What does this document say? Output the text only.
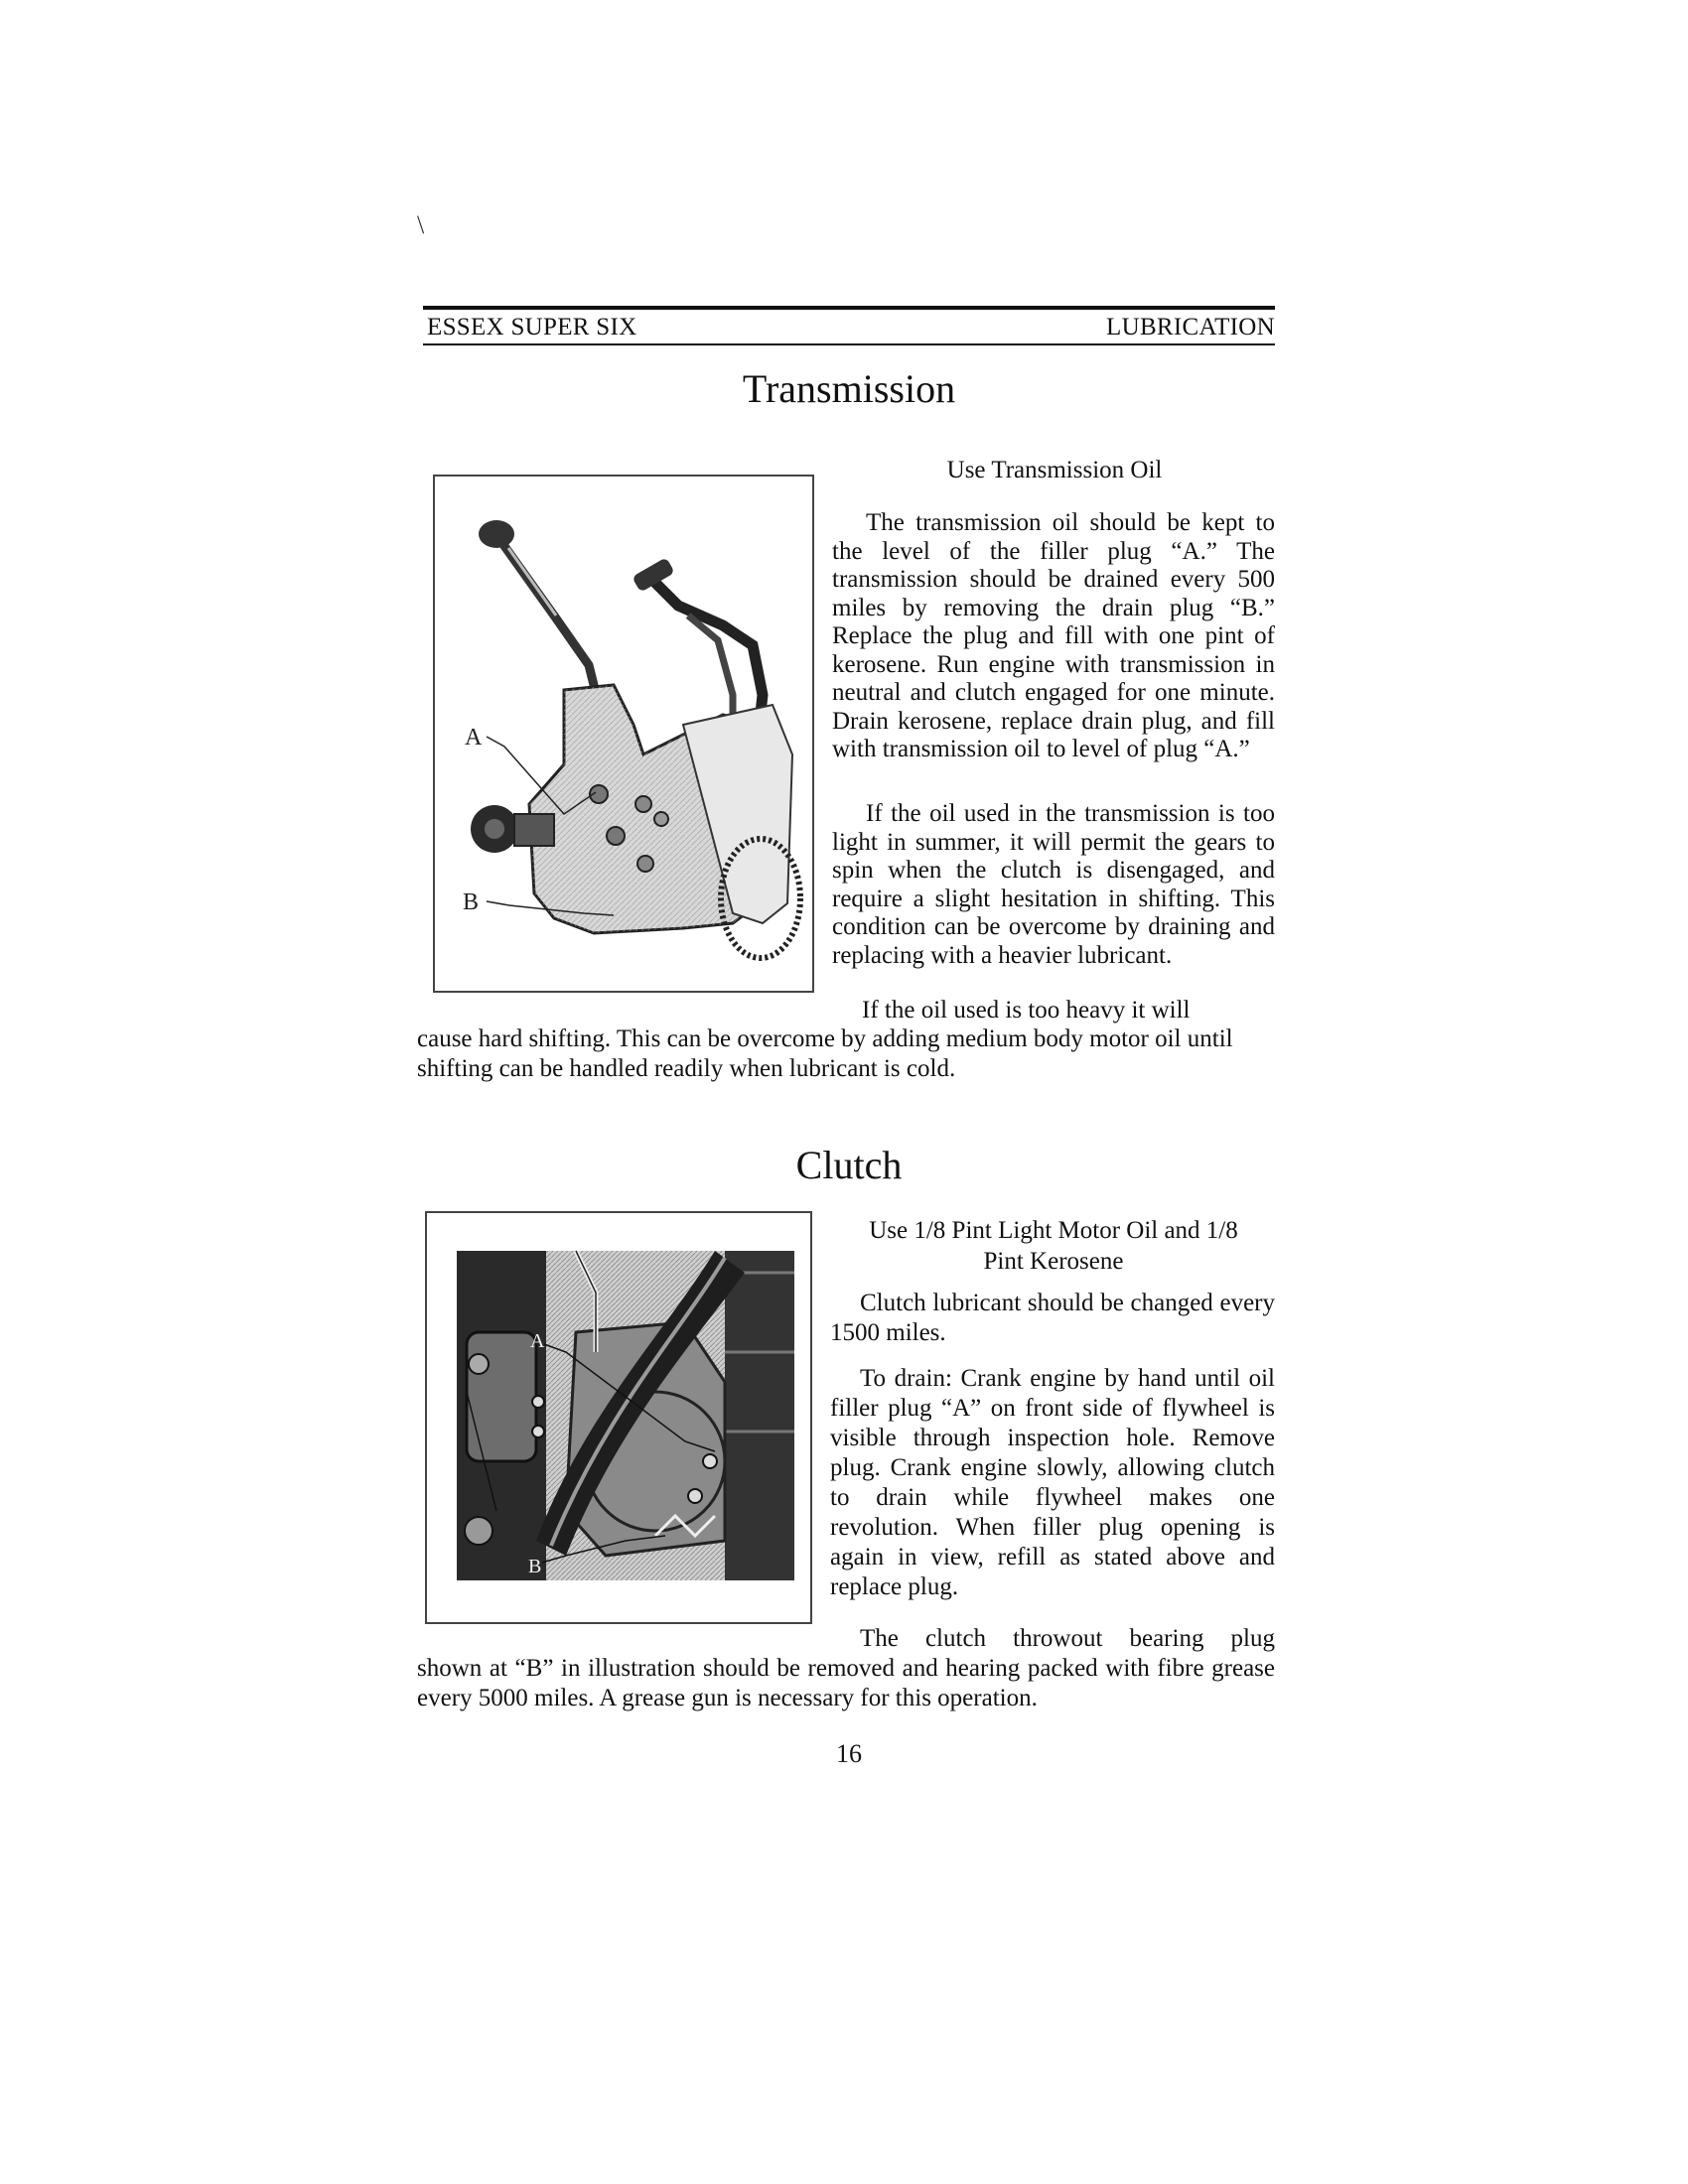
\
ESSEX SUPER SIX	LUBRICATION
Transmission
A
B
Use Transmission Oil

The transmission oil should be kept to the level of the filler plug “A.” The transmission should be drained every 500 miles by removing the drain plug “B.” Replace the plug and fill with one pint of kerosene. Run engine with transmission in neutral and clutch engaged for one minute. Drain kerosene, replace drain plug, and fill with transmission oil to level of plug “A.”

If the oil used in the transmission is too light in summer, it will permit the gears to spin when the clutch is disengaged, and require a slight hesitation in shifting. This condition can be overcome by draining and replacing with a heavier lubricant.

If the oil used is too heavy it will

cause hard shifting. This can be overcome by adding medium body motor oil until shifting can be handled readily when lubricant is cold.

Clutch
A
B
Use 1/8 Pint Light Motor Oil and 1/8
Pint Kerosene

Clutch lubricant should be changed every 1500 miles.

To drain: Crank engine by hand until oil filler plug “A” on front side of flywheel is visible through inspection hole. Remove plug. Crank engine slowly, allowing clutch to drain while flywheel makes one revolution. When filler plug opening is again in view, refill as stated above and replace plug.

The clutch throwout bearing plug

shown at “B” in illustration should be removed and hearing packed with fibre grease every 5000 miles. A grease gun is necessary for this operation.

16
